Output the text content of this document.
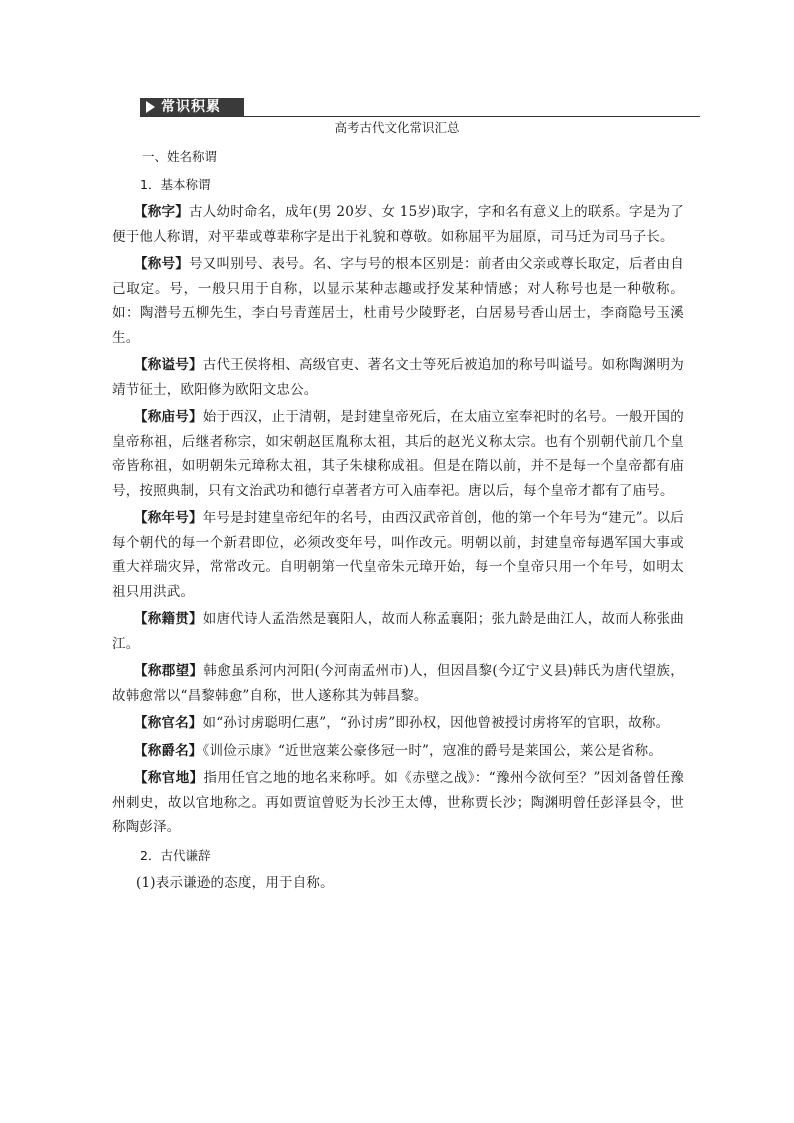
常识积累
高考古代文化常识汇总

一、姓名称谓

1．基本称谓

【称字】古人幼时命名，成年(男 20岁、女 15岁)取字，字和名有意义上的联系。字是为了便于他人称谓，对平辈或尊辈称字是出于礼貌和尊敬。如称屈平为屈原，司马迁为司马子长。

【称号】号又叫别号、表号。名、字与号的根本区别是：前者由父亲或尊长取定，后者由自己取定。号，一般只用于自称，以显示某种志趣或抒发某种情感；对人称号也是一种敬称。如：陶潜号五柳先生，李白号青莲居士，杜甫号少陵野老，白居易号香山居士，李商隐号玉溪生。

【称谥号】古代王侯将相、高级官吏、著名文士等死后被追加的称号叫谥号。如称陶渊明为靖节征士，欧阳修为欧阳文忠公。

【称庙号】始于西汉，止于清朝，是封建皇帝死后，在太庙立室奉祀时的名号。一般开国的皇帝称祖，后继者称宗，如宋朝赵匡胤称太祖，其后的赵光义称太宗。也有个别朝代前几个皇帝皆称祖，如明朝朱元璋称太祖，其子朱棣称成祖。但是在隋以前，并不是每一个皇帝都有庙号，按照典制，只有文治武功和德行卓著者方可入庙奉祀。唐以后，每个皇帝才都有了庙号。

【称年号】年号是封建皇帝纪年的名号，由西汉武帝首创，他的第一个年号为“建元”。以后每个朝代的每一个新君即位，必须改变年号，叫作改元。明朝以前，封建皇帝每遇军国大事或重大祥瑞灾异，常常改元。自明朝第一代皇帝朱元璋开始，每一个皇帝只用一个年号，如明太祖只用洪武。

【称籍贯】如唐代诗人孟浩然是襄阳人，故而人称孟襄阳；张九龄是曲江人，故而人称张曲江。

【称郡望】韩愈虽系河内河阳(今河南孟州市)人，但因昌黎(今辽宁义县)韩氏为唐代望族，故韩愈常以“昌黎韩愈”自称，世人遂称其为韩昌黎。

【称官名】如“孙讨虏聪明仁惠”，“孙讨虏”即孙权，因他曾被授讨虏将军的官职，故称。

【称爵名】《训俭示康》“近世寇莱公豪侈冠一时”，寇准的爵号是莱国公，莱公是省称。

【称官地】指用任官之地的地名来称呼。如《赤壁之战》：“豫州今欲何至？”因刘备曾任豫州刺史，故以官地称之。再如贾谊曾贬为长沙王太傅，世称贾长沙；陶渊明曾任彭泽县令，世称陶彭泽。

2．古代谦辞

(1)表示谦逊的态度，用于自称。
